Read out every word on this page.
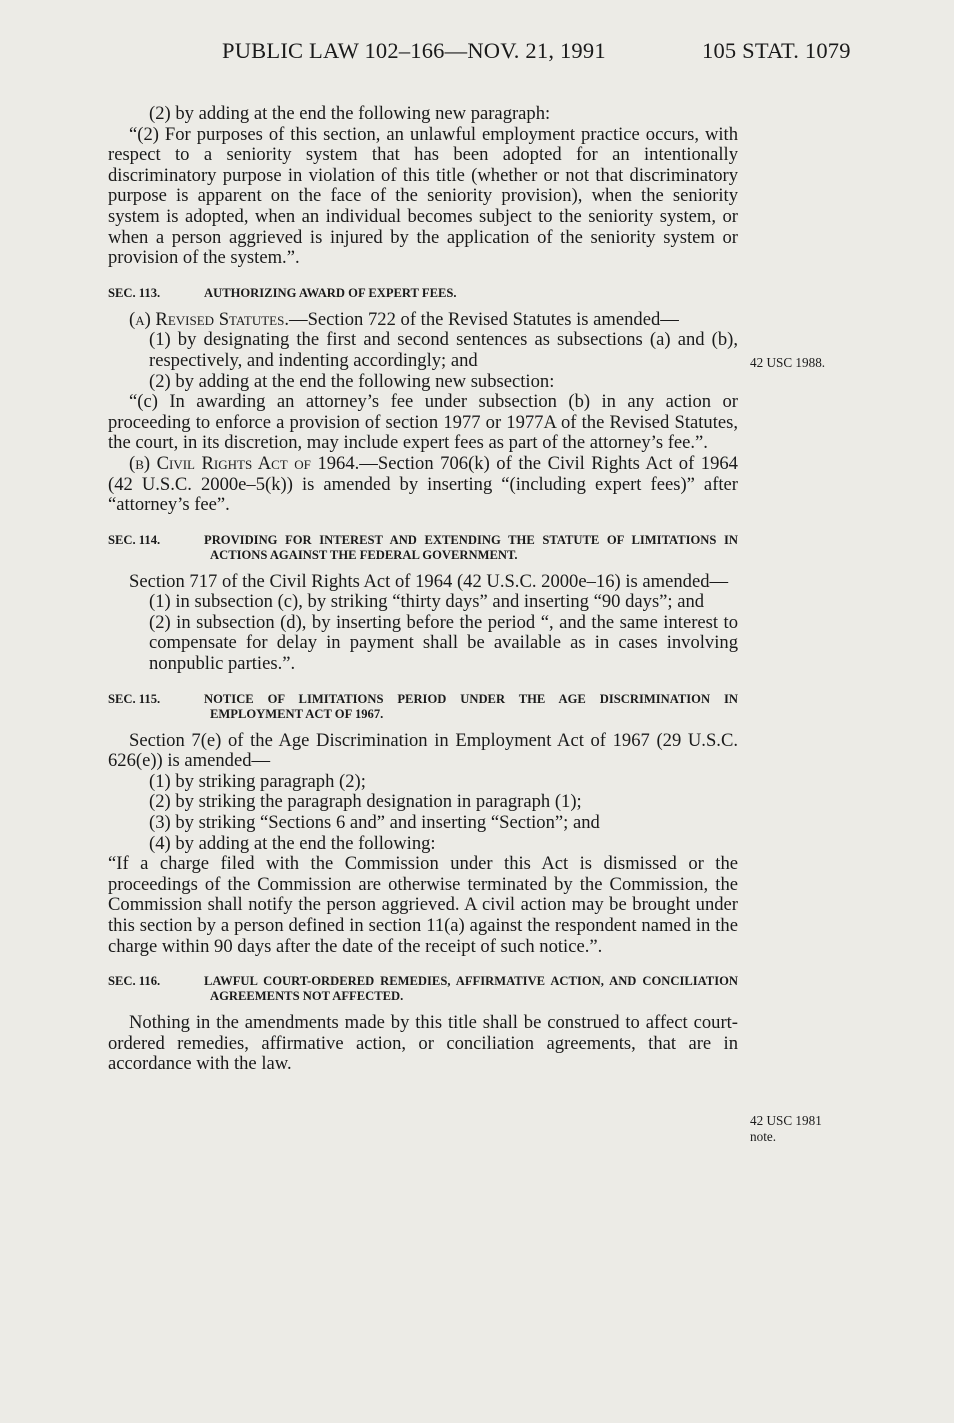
PUBLIC LAW 102–166—NOV. 21, 1991	105 STAT. 1079

(2) by adding at the end the following new paragraph:

“(2) For purposes of this section, an unlawful employment practice occurs, with respect to a seniority system that has been adopted for an intentionally discriminatory purpose in violation of this title (whether or not that discriminatory purpose is apparent on the face of the seniority provision), when the seniority system is adopted, when an individual becomes subject to the seniority system, or when a person aggrieved is injured by the application of the seniority system or provision of the system.”.

SEC. 113.	AUTHORIZING AWARD OF EXPERT FEES.

(a) Revised Statutes.—Section 722 of the Revised Statutes is amended—

(1) by designating the first and second sentences as subsections (a) and (b), respectively, and indenting accordingly; and

(2) by adding at the end the following new subsection:

“(c) In awarding an attorney’s fee under subsection (b) in any action or proceeding to enforce a provision of section 1977 or 1977A of the Revised Statutes, the court, in its discretion, may include expert fees as part of the attorney’s fee.”.

(b) Civil Rights Act of 1964.—Section 706(k) of the Civil Rights Act of 1964 (42 U.S.C. 2000e–5(k)) is amended by inserting “(including expert fees)” after “attorney’s fee”.

SEC. 114.	PROVIDING FOR INTEREST AND EXTENDING THE STATUTE OF LIMITATIONS IN ACTIONS AGAINST THE FEDERAL GOVERNMENT.

Section 717 of the Civil Rights Act of 1964 (42 U.S.C. 2000e–16) is amended—

(1) in subsection (c), by striking “thirty days” and inserting “90 days”; and

(2) in subsection (d), by inserting before the period “, and the same interest to compensate for delay in payment shall be available as in cases involving nonpublic parties.”.

SEC. 115.	NOTICE OF LIMITATIONS PERIOD UNDER THE AGE DISCRIMINATION IN EMPLOYMENT ACT OF 1967.

Section 7(e) of the Age Discrimination in Employment Act of 1967 (29 U.S.C. 626(e)) is amended—

(1) by striking paragraph (2);

(2) by striking the paragraph designation in paragraph (1);

(3) by striking “Sections 6 and” and inserting “Section”; and

(4) by adding at the end the following:

“If a charge filed with the Commission under this Act is dismissed or the proceedings of the Commission are otherwise terminated by the Commission, the Commission shall notify the person aggrieved. A civil action may be brought under this section by a person defined in section 11(a) against the respondent named in the charge within 90 days after the date of the receipt of such notice.”.

SEC. 116.	LAWFUL COURT-ORDERED REMEDIES, AFFIRMATIVE ACTION, AND CONCILIATION AGREEMENTS NOT AFFECTED.

Nothing in the amendments made by this title shall be construed to affect court-ordered remedies, affirmative action, or conciliation agreements, that are in accordance with the law.

42 USC 1988.
42 USC 1981
note.
